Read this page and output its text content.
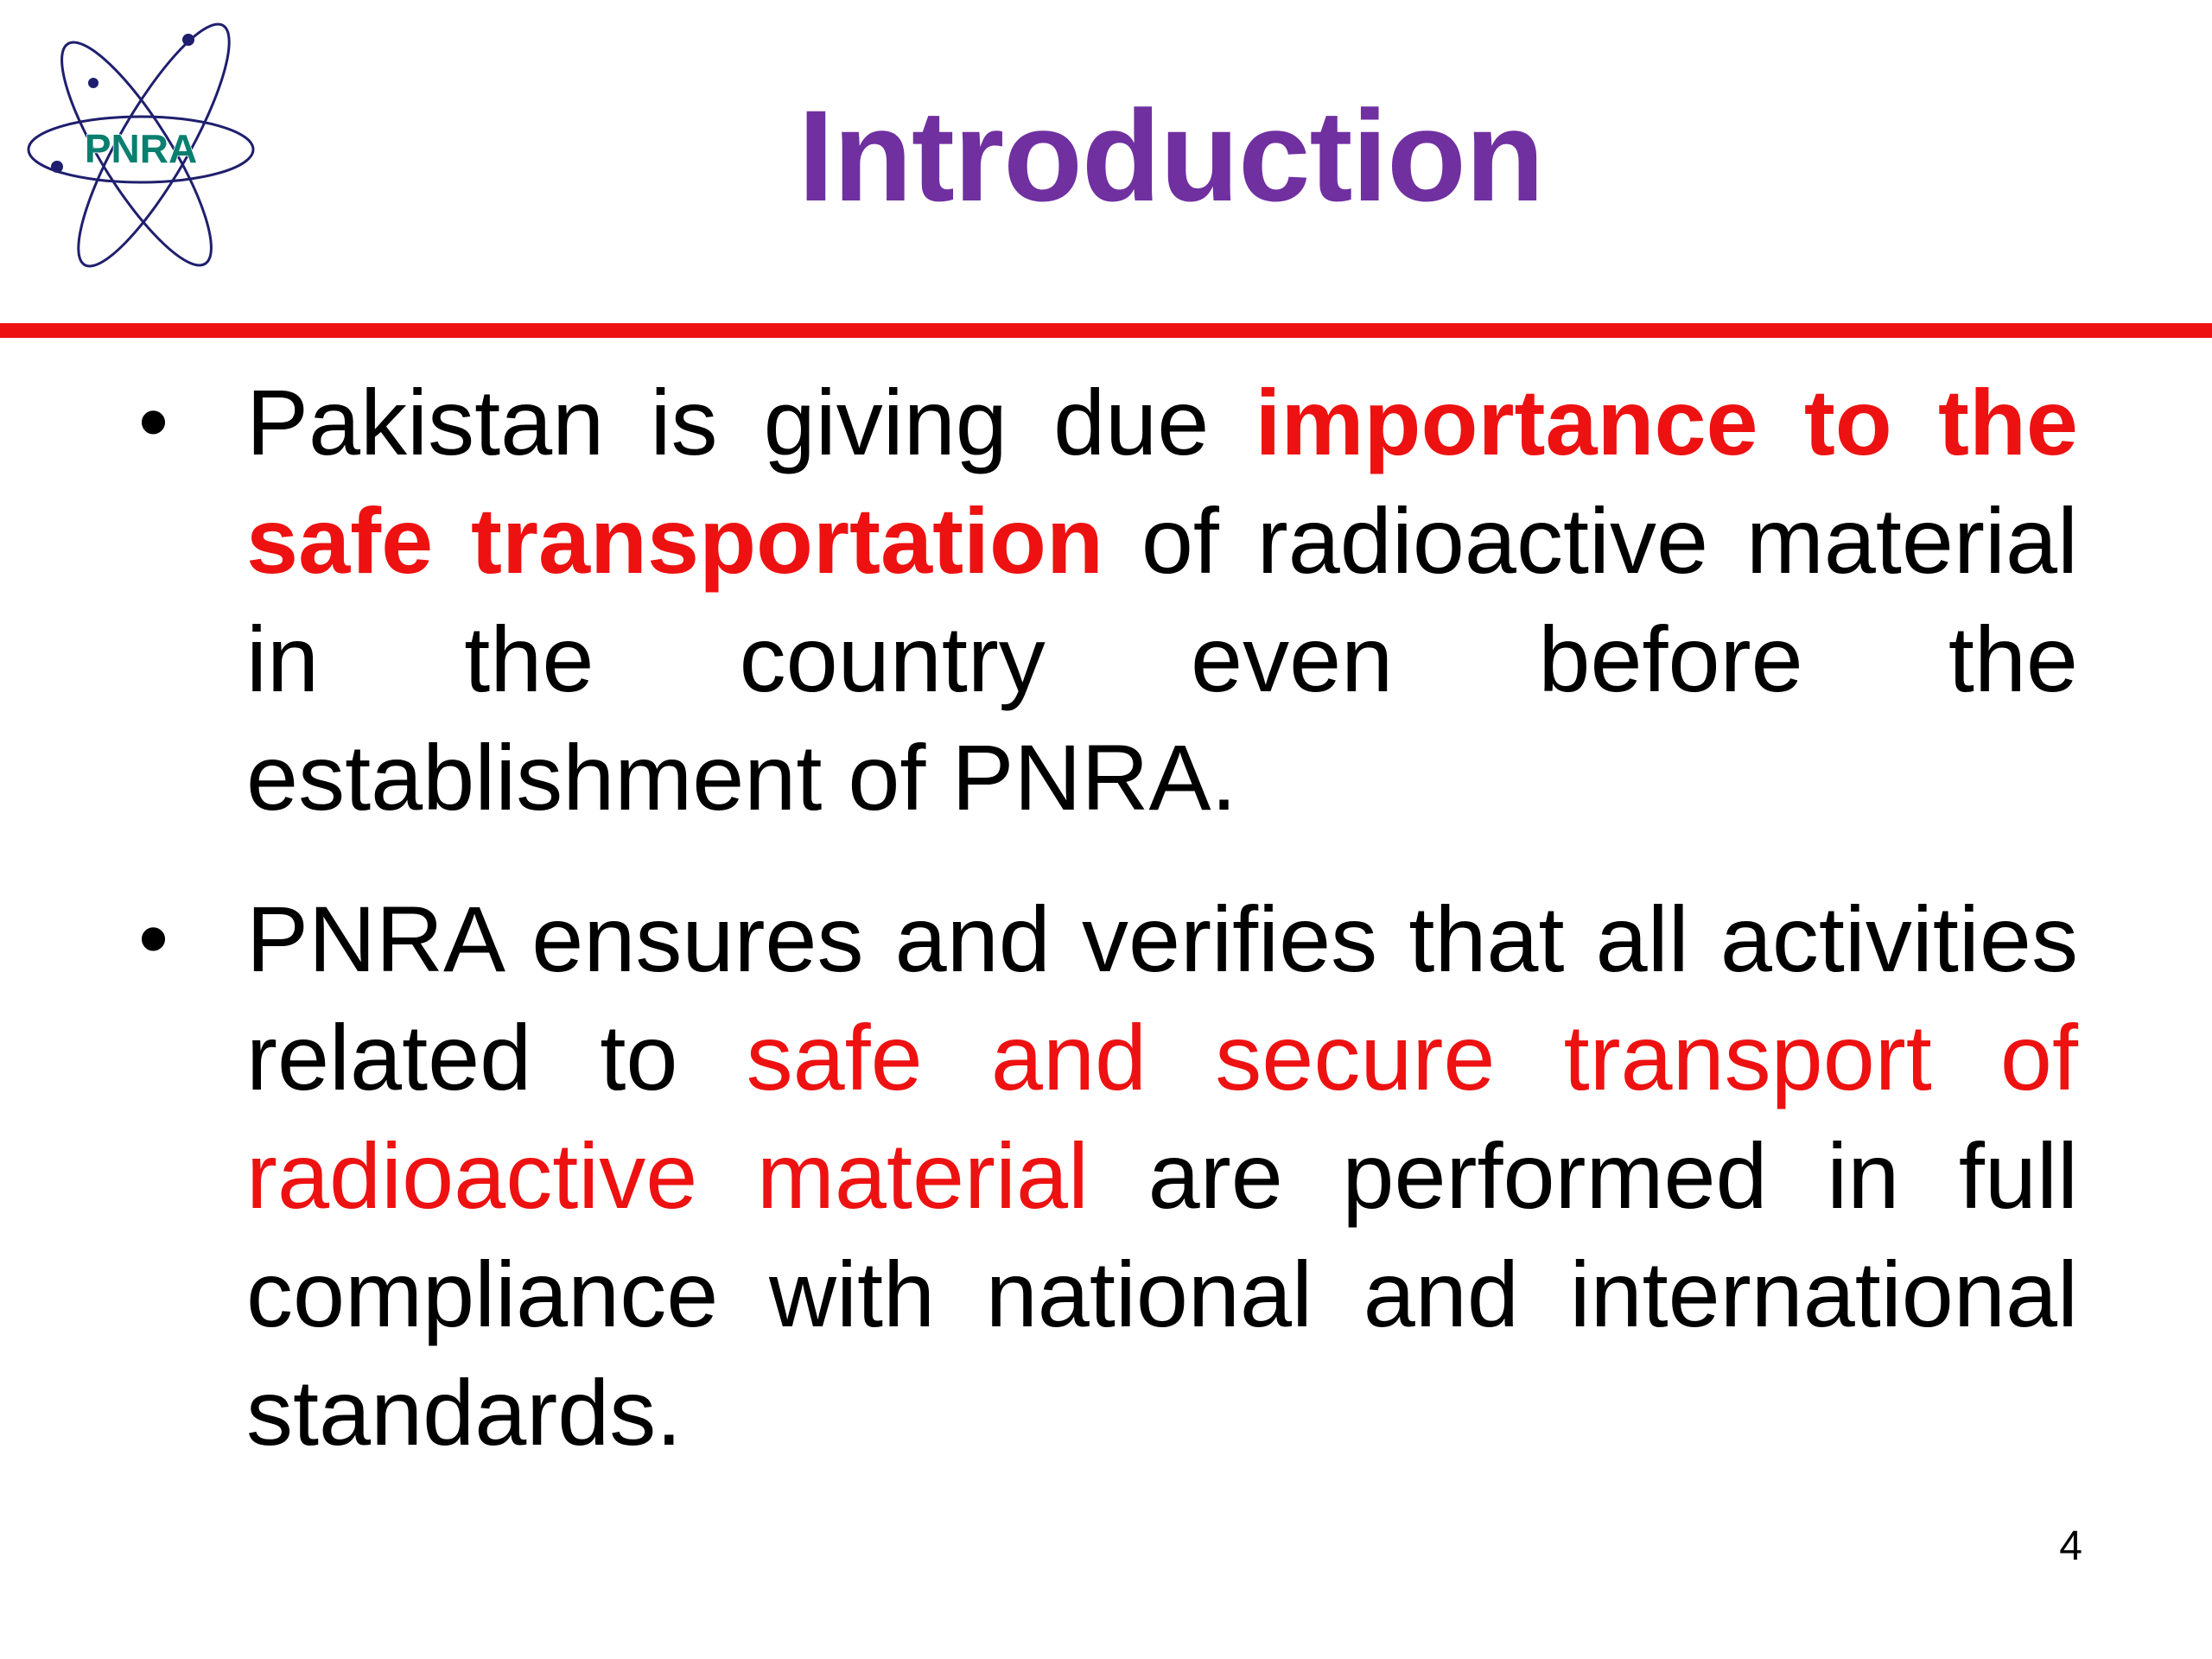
PNRA	Introduction
• Pakistan is giving due importance to the safe transportation of radioactive material in the country even before the establishment of PNRA.
• PNRA ensures and verifies that all activities related to safe and secure transport of radioactive material are performed in full compliance with national and international standards.
4
